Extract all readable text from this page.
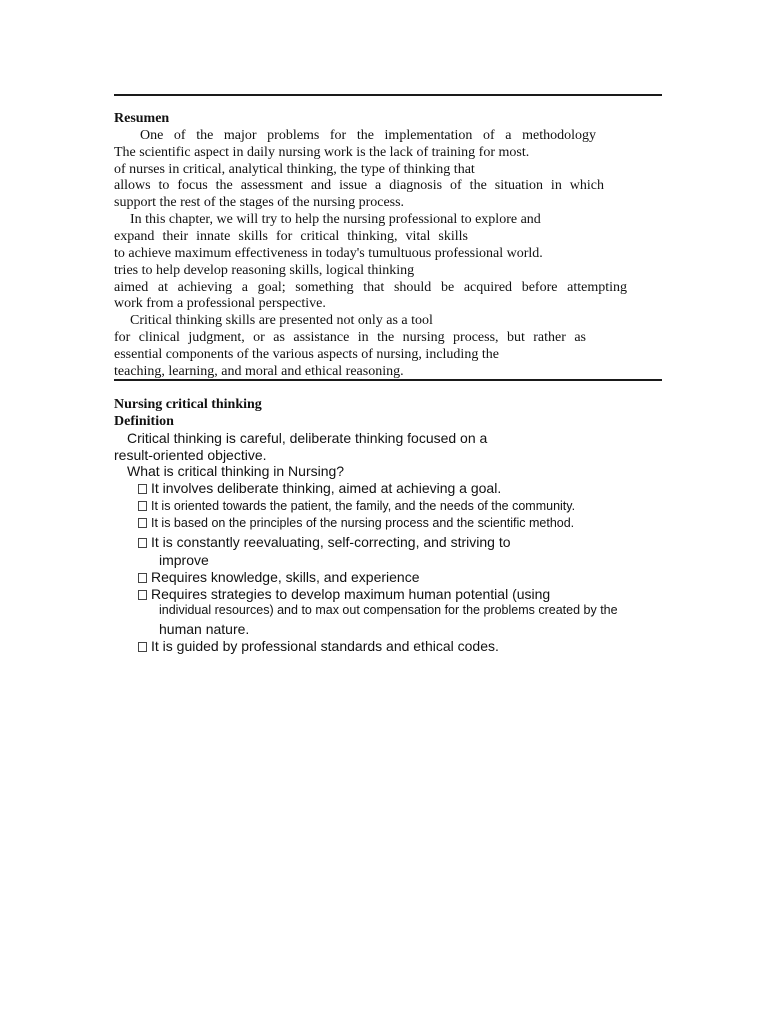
Resumen
One of the major problems for the implementation of a methodology
The scientific aspect in daily nursing work is the lack of training for most.
of nurses in critical, analytical thinking, the type of thinking that
allows to focus the assessment and issue a diagnosis of the situation in which
support the rest of the stages of the nursing process.
In this chapter, we will try to help the nursing professional to explore and
expand their innate skills for critical thinking, vital skills
to achieve maximum effectiveness in today's tumultuous professional world.
tries to help develop reasoning skills, logical thinking
aimed at achieving a goal; something that should be acquired before attempting
work from a professional perspective.
Critical thinking skills are presented not only as a tool
for clinical judgment, or as assistance in the nursing process, but rather as
essential components of the various aspects of nursing, including the
teaching, learning, and moral and ethical reasoning.
Nursing critical thinking
Definition
Critical thinking is careful, deliberate thinking focused on a
result-oriented objective.
What is critical thinking in Nursing?
It involves deliberate thinking, aimed at achieving a goal.
It is oriented towards the patient, the family, and the needs of the community.
It is based on the principles of the nursing process and the scientific method.
It is constantly reevaluating, self-correcting, and striving to
improve
Requires knowledge, skills, and experience
Requires strategies to develop maximum human potential (using
individual resources) and to max out compensation for the problems created by the
human nature.
It is guided by professional standards and ethical codes.
